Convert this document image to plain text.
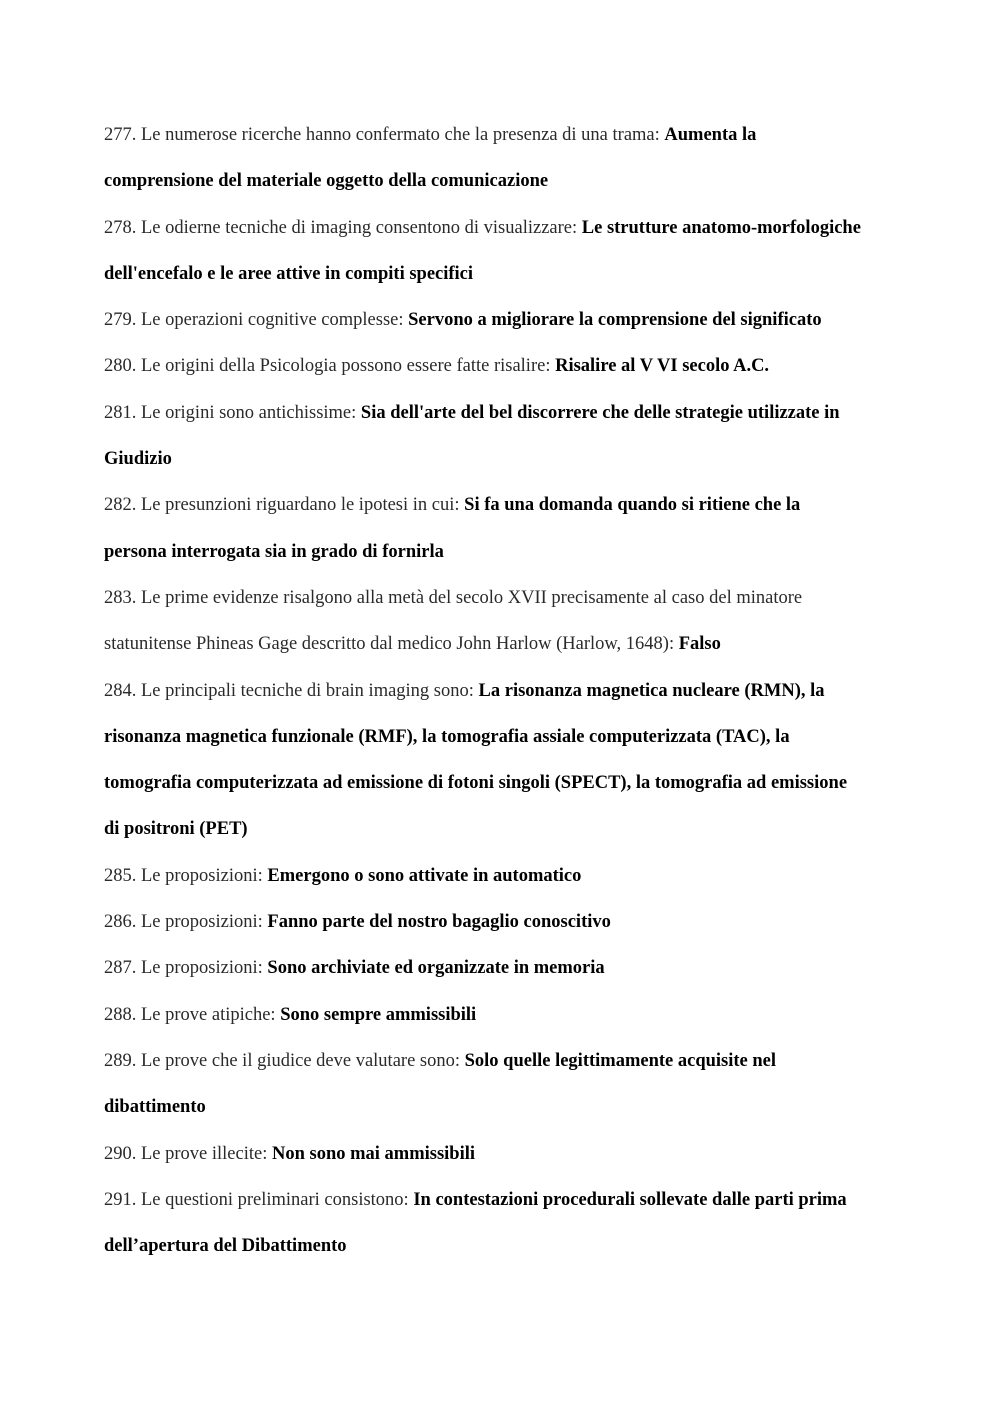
277. Le numerose ricerche hanno confermato che la presenza di una trama: Aumenta la comprensione del materiale oggetto della comunicazione

278. Le odierne tecniche di imaging consentono di visualizzare: Le strutture anatomo-morfologiche dell'encefalo e le aree attive in compiti specifici

279. Le operazioni cognitive complesse: Servono a migliorare la comprensione del significato

280. Le origini della Psicologia possono essere fatte risalire: Risalire al V VI secolo A.C.

281. Le origini sono antichissime: Sia dell'arte del bel discorrere che delle strategie utilizzate in Giudizio

282. Le presunzioni riguardano le ipotesi in cui: Si fa una domanda quando si ritiene che la persona interrogata sia in grado di fornirla

283. Le prime evidenze risalgono alla metà del secolo XVII precisamente al caso del minatore statunitense Phineas Gage descritto dal medico John Harlow (Harlow, 1648): Falso

284. Le principali tecniche di brain imaging sono: La risonanza magnetica nucleare (RMN), la risonanza magnetica funzionale (RMF), la tomografia assiale computerizzata (TAC), la tomografia computerizzata ad emissione di fotoni singoli (SPECT), la tomografia ad emissione di positroni (PET)

285. Le proposizioni: Emergono o sono attivate in automatico

286. Le proposizioni: Fanno parte del nostro bagaglio conoscitivo

287. Le proposizioni: Sono archiviate ed organizzate in memoria

288. Le prove atipiche: Sono sempre ammissibili

289. Le prove che il giudice deve valutare sono: Solo quelle legittimamente acquisite nel dibattimento

290. Le prove illecite: Non sono mai ammissibili

291. Le questioni preliminari consistono: In contestazioni procedurali sollevate dalle parti prima dell’apertura del Dibattimento
